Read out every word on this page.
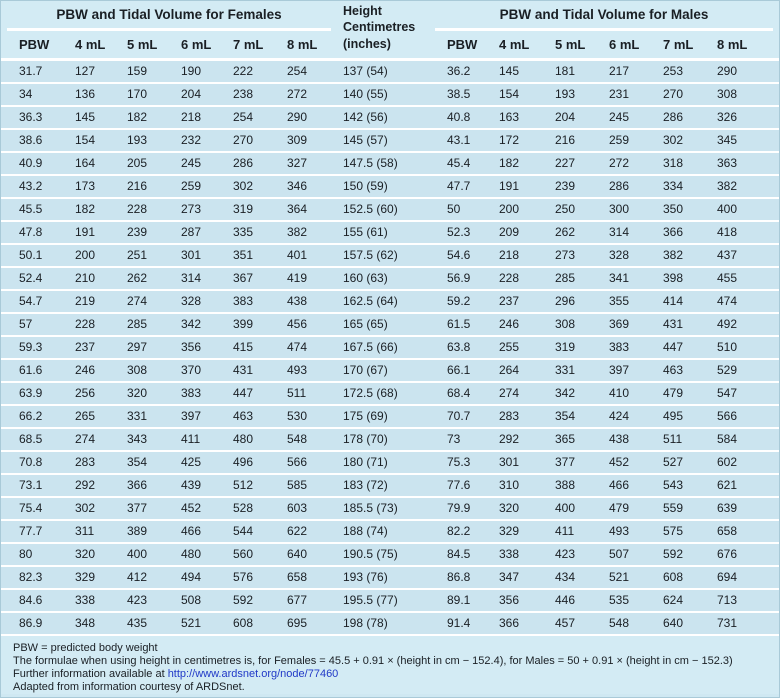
PBW and Tidal Volume for Females	Height
Centimetres
(inches)
PBW and Tidal Volume for Males
PBW	4 mL	5 mL	6 mL	7 mL	8 mL	PBW	4 mL	5 mL	6 mL	7 mL	8 mL
31.7	127	159	190	222	254	137 (54)	36.2	145	181	217	253	290
34	136	170	204	238	272	140 (55)	38.5	154	193	231	270	308
36.3	145	182	218	254	290	142 (56)	40.8	163	204	245	286	326
38.6	154	193	232	270	309	145 (57)	43.1	172	216	259	302	345
40.9	164	205	245	286	327	147.5 (58)	45.4	182	227	272	318	363
43.2	173	216	259	302	346	150 (59)	47.7	191	239	286	334	382
45.5	182	228	273	319	364	152.5 (60)	50	200	250	300	350	400
47.8	191	239	287	335	382	155 (61)	52.3	209	262	314	366	418
50.1	200	251	301	351	401	157.5 (62)	54.6	218	273	328	382	437
52.4	210	262	314	367	419	160 (63)	56.9	228	285	341	398	455
54.7	219	274	328	383	438	162.5 (64)	59.2	237	296	355	414	474
57	228	285	342	399	456	165 (65)	61.5	246	308	369	431	492
59.3	237	297	356	415	474	167.5 (66)	63.8	255	319	383	447	510
61.6	246	308	370	431	493	170 (67)	66.1	264	331	397	463	529
63.9	256	320	383	447	511	172.5 (68)	68.4	274	342	410	479	547
66.2	265	331	397	463	530	175 (69)	70.7	283	354	424	495	566
68.5	274	343	411	480	548	178 (70)	73	292	365	438	511	584
70.8	283	354	425	496	566	180 (71)	75.3	301	377	452	527	602
73.1	292	366	439	512	585	183 (72)	77.6	310	388	466	543	621
75.4	302	377	452	528	603	185.5 (73)	79.9	320	400	479	559	639
77.7	311	389	466	544	622	188 (74)	82.2	329	411	493	575	658
80	320	400	480	560	640	190.5 (75)	84.5	338	423	507	592	676
82.3	329	412	494	576	658	193 (76)	86.8	347	434	521	608	694
84.6	338	423	508	592	677	195.5 (77)	89.1	356	446	535	624	713
86.9	348	435	521	608	695	198 (78)	91.4	366	457	548	640	731
PBW = predicted body weight
The formulae when using height in centimetres is, for Females = 45.5 + 0.91 × (height in cm − 152.4), for Males = 50 + 0.91 × (height in cm − 152.3)
Further information available at http://www.ardsnet.org/node/77460
Adapted from information courtesy of ARDSnet.
